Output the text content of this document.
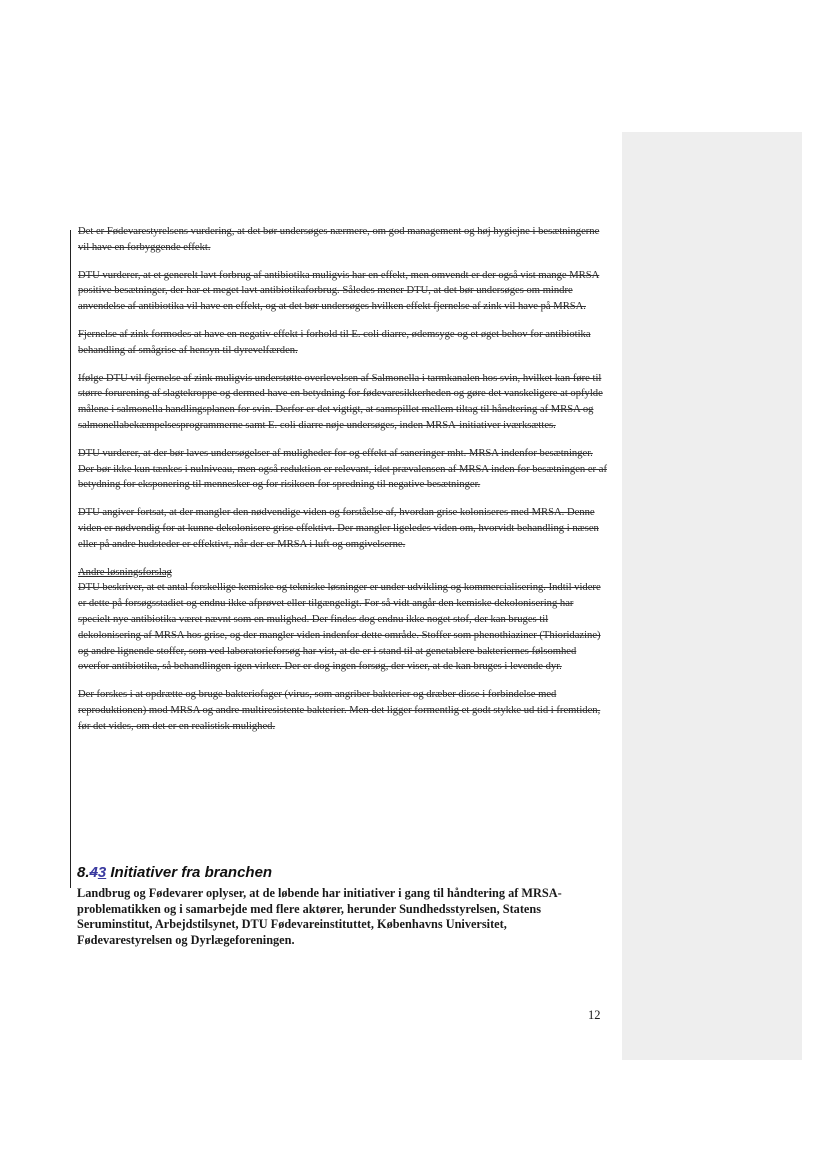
Det er Fødevarestyrelsens vurdering, at det bør undersøges nærmere, om god management og høj hygiejne i besætningerne vil have en forbyggende effekt.

DTU vurderer, at et generelt lavt forbrug af antibiotika muligvis har en effekt, men omvendt er der også vist mange MRSA positive besætninger, der har et meget lavt antibiotikaforbrug. Således mener DTU, at det bør undersøges om mindre anvendelse af antibiotika vil have en effekt, og at det bør undersøges hvilken effekt fjernelse af zink vil have på MRSA.

Fjernelse af zink formodes at have en negativ effekt i forhold til E. coli diarre, ødemsyge og et øget behov for antibiotika behandling af smågrise af hensyn til dyrevelfærden.

Ifølge DTU vil fjernelse af zink muligvis understøtte overlevelsen af Salmonella i tarmkanalen hos svin, hvilket kan føre til større forurening af slagtekroppe og dermed have en betydning for fødevaresikkerheden og gøre det vanskeligere at opfylde målene i salmonella handlingsplanen for svin. Derfor er det vigtigt, at samspillet mellem tiltag til håndtering af MRSA og salmonellabekæmpelsesprogrammerne samt E. coli diarre nøje undersøges, inden MRSA-initiativer iværksættes.

DTU vurderer, at der bør laves undersøgelser af muligheder for og effekt af saneringer mht. MRSA indenfor besætninger. Der bør ikke kun tænkes i nulniveau, men også reduktion er relevant, idet prævalensen af MRSA inden for besætningen er af betydning for eksponering til mennesker og for risikoen for spredning til negative besætninger.

DTU angiver fortsat, at der mangler den nødvendige viden og forståelse af, hvordan grise koloniseres med MRSA. Denne viden er nødvendig for at kunne dekolonisere grise effektivt. Der mangler ligeledes viden om, hvorvidt behandling i næsen eller på andre hudsteder er effektivt, når der er MRSA i luft og omgivelserne.

Andre løsningsforslag

DTU beskriver, at et antal forskellige kemiske og tekniske løsninger er under udvikling og kommercialisering. Indtil videre er dette på forsøgsstadiet og endnu ikke afprøvet eller tilgængeligt. For så vidt angår den kemiske dekolonisering har specielt nye antibiotika været nævnt som en mulighed. Der findes dog endnu ikke noget stof, der kan bruges til dekolonisering af MRSA hos grise, og der mangler viden indenfor dette område. Stoffer som phenothiaziner (Thioridazine) og andre lignende stoffer, som ved laboratorieforsøg har vist, at de er i stand til at genetablere bakteriernes følsomhed overfor antibiotika, så behandlingen igen virker. Der er dog ingen forsøg, der viser, at de kan bruges i levende dyr.

Der forskes i at opdrætte og bruge bakteriofager (virus, som angriber bakterier og dræber disse i forbindelse med reproduktionen) mod MRSA og andre multiresistente bakterier. Men det ligger formentlig et godt stykke ud tid i fremtiden, før det vides, om det er en realistisk mulighed.

8.43 Initiativer fra branchen
Landbrug og Fødevarer oplyser, at de løbende har initiativer i gang til håndtering af MRSA-problematikken og i samarbejde med flere aktører, herunder Sundhedsstyrelsen, Statens Seruminstitut, Arbejdstilsynet, DTU Fødevareinstituttet, Københavns Universitet, Fødevarestyrelsen og Dyrlægeforeningen.
12
